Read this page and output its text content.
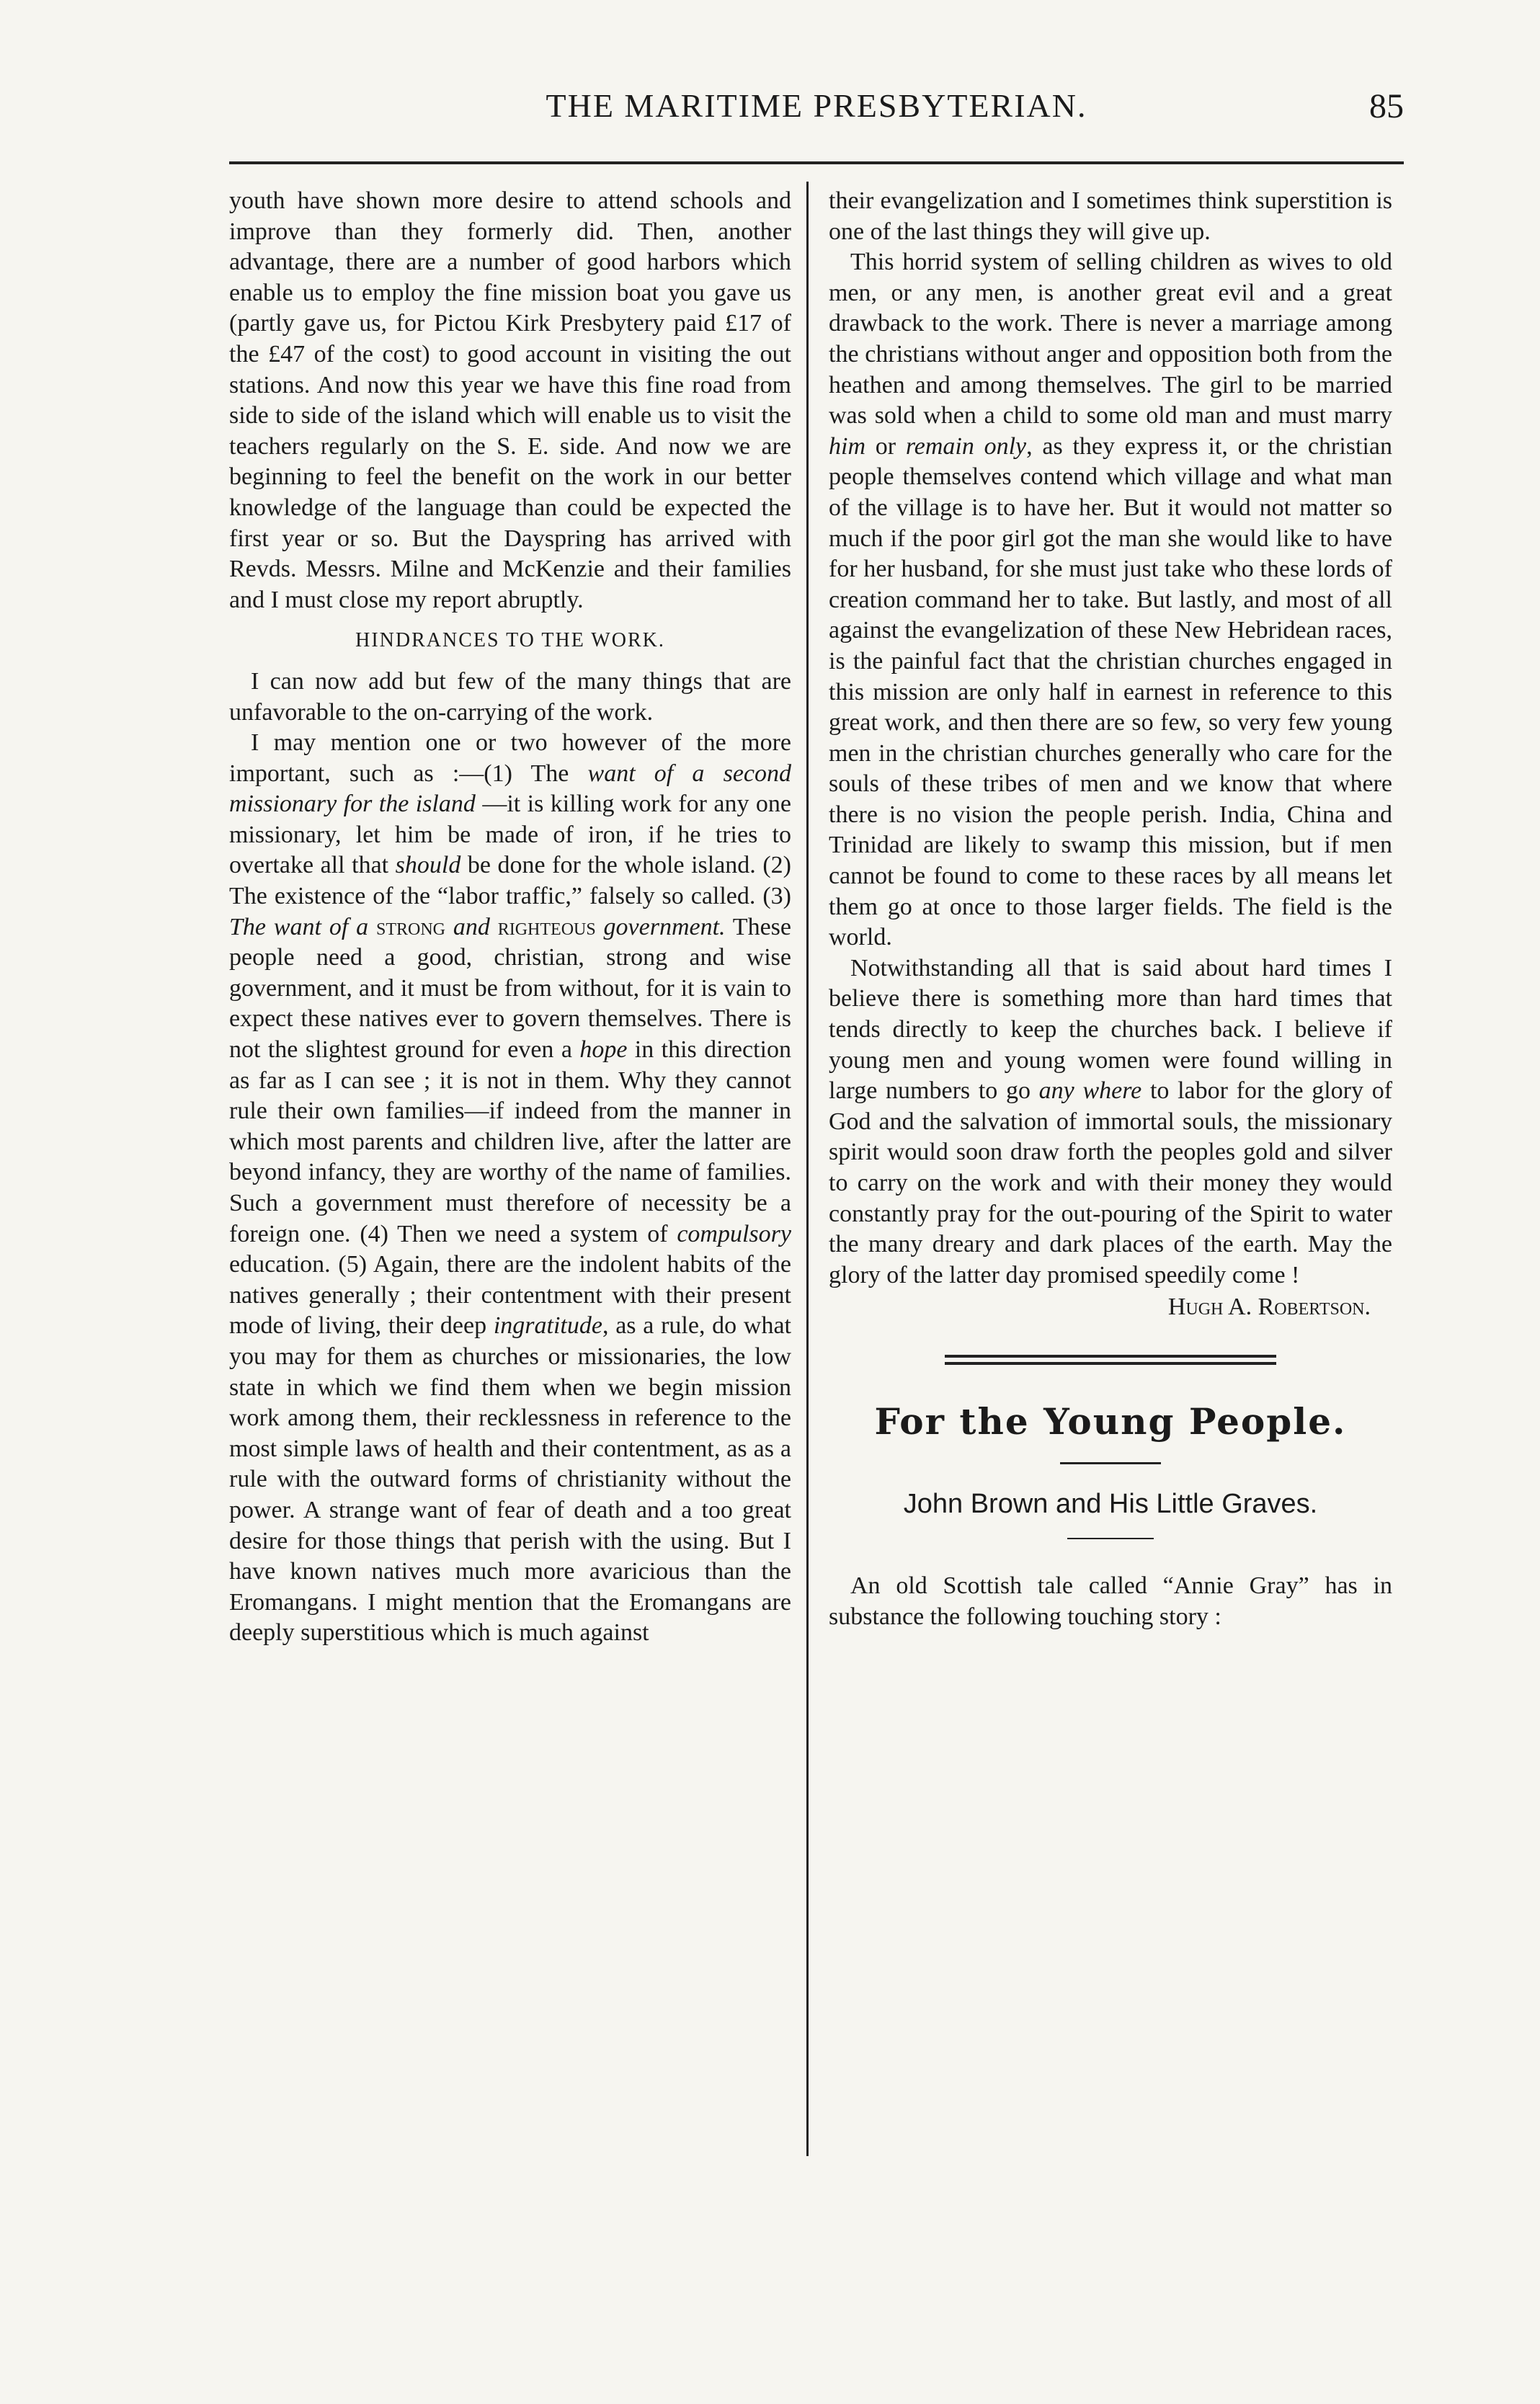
THE MARITIME PRESBYTERIAN.	85

youth have shown more desire to attend schools and improve than they formerly did. Then, another advantage, there are a number of good harbors which enable us to employ the fine mission boat you gave us (partly gave us, for Pictou Kirk Presbytery paid £17 of the £47 of the cost) to good account in visiting the out stations. And now this year we have this fine road from side to side of the island which will enable us to visit the teachers regularly on the S. E. side. And now we are beginning to feel the benefit on the work in our better knowledge of the language than could be expected the first year or so. But the Dayspring has arrived with Revds. Messrs. Milne and McKenzie and their families and I must close my report abruptly.

HINDRANCES TO THE WORK.

I can now add but few of the many things that are unfavorable to the on-carrying of the work.

I may mention one or two however of the more important, such as :—(1) The want of a second missionary for the island —it is killing work for any one missionary, let him be made of iron, if he tries to overtake all that should be done for the whole island. (2) The existence of the “labor traffic,” falsely so called. (3) The want of a strong and righteous government. These people need a good, christian, strong and wise government, and it must be from without, for it is vain to expect these natives ever to govern themselves. There is not the slightest ground for even a hope in this direction as far as I can see ; it is not in them. Why they cannot rule their own families—if indeed from the manner in which most parents and children live, after the latter are beyond infancy, they are worthy of the name of families. Such a government must therefore of necessity be a foreign one. (4) Then we need a system of compulsory education. (5) Again, there are the indolent habits of the natives generally ; their contentment with their present mode of living, their deep ingratitude, as a rule, do what you may for them as churches or missionaries, the low state in which we find them when we begin mission work among them, their recklessness in reference to the most simple laws of health and their contentment, as as a rule with the outward forms of christianity without the power. A strange want of fear of death and a too great desire for those things that perish with the using. But I have known natives much more avaricious than the Eromangans. I might mention that the Eromangans are deeply superstitious which is much against

their evangelization and I sometimes think superstition is one of the last things they will give up.

This horrid system of selling children as wives to old men, or any men, is another great evil and a great drawback to the work. There is never a marriage among the christians without anger and opposition both from the heathen and among themselves. The girl to be married was sold when a child to some old man and must marry him or remain only, as they express it, or the christian people themselves contend which village and what man of the village is to have her. But it would not matter so much if the poor girl got the man she would like to have for her husband, for she must just take who these lords of creation command her to take. But lastly, and most of all against the evangelization of these New Hebridean races, is the painful fact that the christian churches engaged in this mission are only half in earnest in reference to this great work, and then there are so few, so very few young men in the christian churches generally who care for the souls of these tribes of men and we know that where there is no vision the people perish. India, China and Trinidad are likely to swamp this mission, but if men cannot be found to come to these races by all means let them go at once to those larger fields. The field is the world.

Notwithstanding all that is said about hard times I believe there is something more than hard times that tends directly to keep the churches back. I believe if young men and young women were found willing in large numbers to go any where to labor for the glory of God and the salvation of immortal souls, the missionary spirit would soon draw forth the peoples gold and silver to carry on the work and with their money they would constantly pray for the out-pouring of the Spirit to water the many dreary and dark places of the earth. May the glory of the latter day promised speedily come !

Hugh A. Robertson.
For the Young People.
John Brown and His Little Graves.

An old Scottish tale called “Annie Gray” has in substance the following touching story :
